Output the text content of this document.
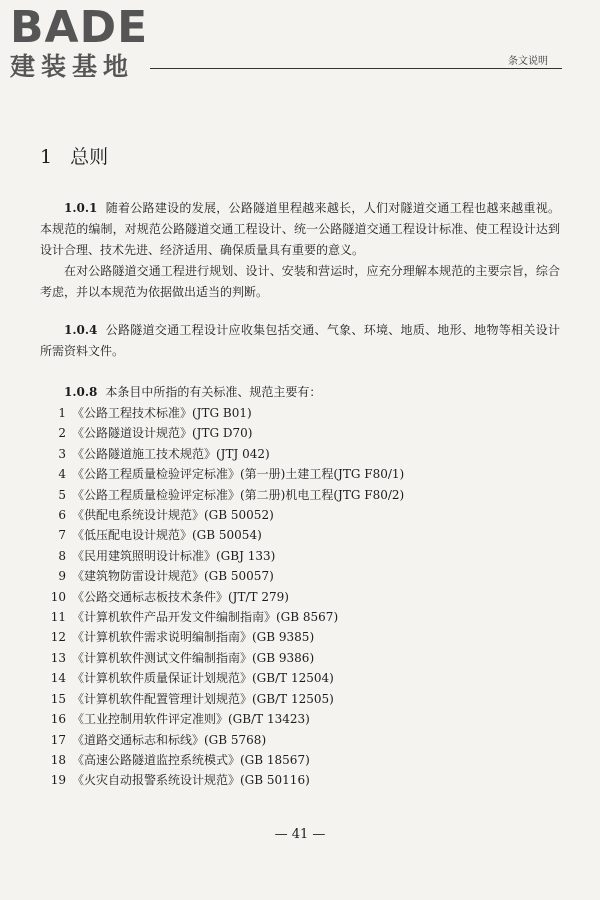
BADE
建装基地	条文说明
1 总则

1.0.1 随着公路建设的发展，公路隧道里程越来越长，人们对隧道交通工程也越来越重视。本规范的编制，对规范公路隧道交通工程设计、统一公路隧道交通工程设计标准、使工程设计达到设计合理、技术先进、经济适用、确保质量具有重要的意义。

在对公路隧道交通工程进行规划、设计、安装和营运时，应充分理解本规范的主要宗旨，综合考虑，并以本规范为依据做出适当的判断。

1.0.4 公路隧道交通工程设计应收集包括交通、气象、环境、地质、地形、地物等相关设计所需资料文件。

1.0.8 本条目中所指的有关标准、规范主要有：

1 《公路工程技术标准》(JTG B01)
2 《公路隧道设计规范》(JTG D70)
3 《公路隧道施工技术规范》(JTJ 042)
4 《公路工程质量检验评定标准》(第一册)土建工程(JTG F80/1)
5 《公路工程质量检验评定标准》(第二册)机电工程(JTG F80/2)
6 《供配电系统设计规范》(GB 50052)
7 《低压配电设计规范》(GB 50054)
8 《民用建筑照明设计标准》(GBJ 133)
9 《建筑物防雷设计规范》(GB 50057)
10 《公路交通标志板技术条件》(JT/T 279)
11 《计算机软件产品开发文件编制指南》(GB 8567)
12 《计算机软件需求说明编制指南》(GB 9385)
13 《计算机软件测试文件编制指南》(GB 9386)
14 《计算机软件质量保证计划规范》(GB/T 12504)
15 《计算机软件配置管理计划规范》(GB/T 12505)
16 《工业控制用软件评定准则》(GB/T 13423)
17 《道路交通标志和标线》(GB 5768)
18 《高速公路隧道监控系统模式》(GB 18567)
19 《火灾自动报警系统设计规范》(GB 50116)
— 41 —
